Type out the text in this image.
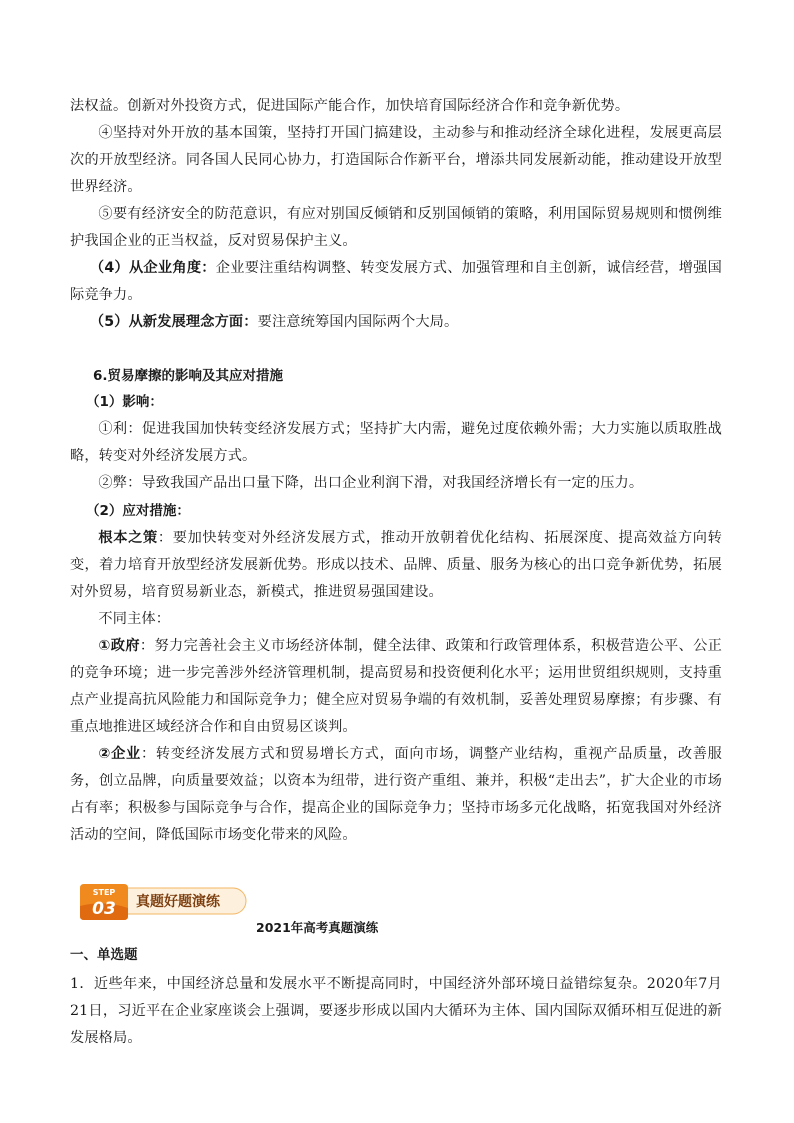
法权益。创新对外投资方式，促进国际产能合作，加快培育国际经济合作和竞争新优势。

④坚持对外开放的基本国策，坚持打开国门搞建设，主动参与和推动经济全球化进程，发展更高层次的开放型经济。同各国人民同心协力，打造国际合作新平台，增添共同发展新动能，推动建设开放型世界经济。

⑤要有经济安全的防范意识，有应对别国反倾销和反别国倾销的策略，利用国际贸易规则和惯例维护我国企业的正当权益，反对贸易保护主义。

（4）从企业角度：企业要注重结构调整、转变发展方式、加强管理和自主创新，诚信经营，增强国际竞争力。

（5）从新发展理念方面：要注意统筹国内国际两个大局。

6.贸易摩擦的影响及其应对措施
（1）影响：

①利：促进我国加快转变经济发展方式；坚持扩大内需，避免过度依赖外需；大力实施以质取胜战略，转变对外经济发展方式。

②弊：导致我国产品出口量下降，出口企业利润下滑，对我国经济增长有一定的压力。

（2）应对措施：

根本之策：要加快转变对外经济发展方式，推动开放朝着优化结构、拓展深度、提高效益方向转变，着力培育开放型经济发展新优势。形成以技术、品牌、质量、服务为核心的出口竞争新优势，拓展对外贸易，培育贸易新业态，新模式，推进贸易强国建设。

不同主体：

①政府：努力完善社会主义市场经济体制，健全法律、政策和行政管理体系，积极营造公平、公正的竞争环境；进一步完善涉外经济管理机制，提高贸易和投资便利化水平；运用世贸组织规则，支持重点产业提高抗风险能力和国际竞争力；健全应对贸易争端的有效机制，妥善处理贸易摩擦；有步骤、有重点地推进区域经济合作和自由贸易区谈判。

②企业：转变经济发展方式和贸易增长方式，面向市场，调整产业结构，重视产品质量，改善服务，创立品牌，向质量要效益；以资本为纽带，进行资产重组、兼并，积极“走出去”，扩大企业的市场占有率；积极参与国际竞争与合作，提高企业的国际竞争力；坚持市场多元化战略，拓宽我国对外经济活动的空间，降低国际市场变化带来的风险。

STEP
03 真题好题演练
2021年高考真题演练
一、单选题

1．近些年来，中国经济总量和发展水平不断提高同时，中国经济外部环境日益错综复杂。2020年7月21日，习近平在企业家座谈会上强调，要逐步形成以国内大循环为主体、国内国际双循环相互促进的新发展格局。
